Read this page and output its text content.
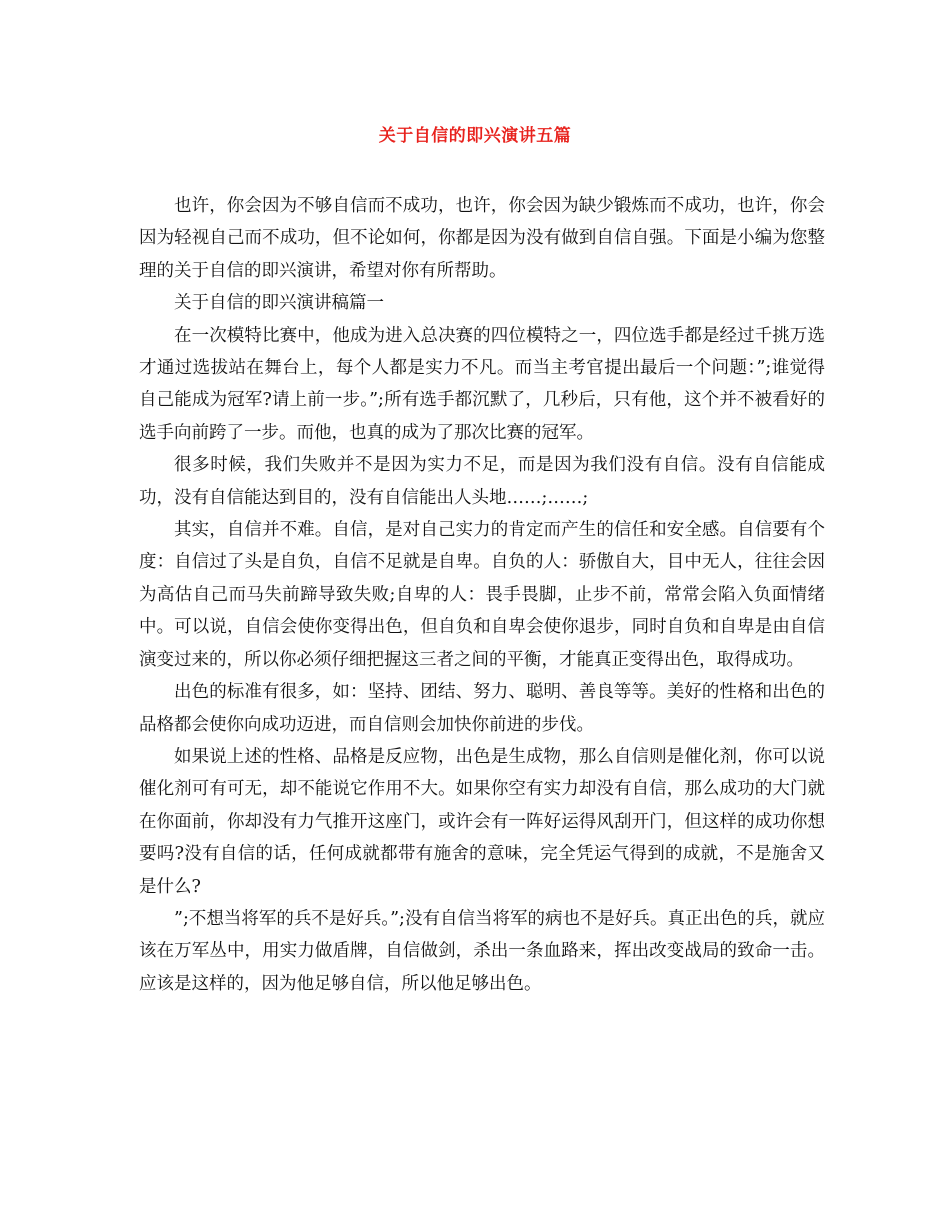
关于自信的即兴演讲五篇

也许，你会因为不够自信而不成功，也许，你会因为缺少锻炼而不成功，也许，你会因为轻视自己而不成功，但不论如何，你都是因为没有做到自信自强。下面是小编为您整理的关于自信的即兴演讲，希望对你有所帮助。

关于自信的即兴演讲稿篇一

在一次模特比赛中，他成为进入总决赛的四位模特之一，四位选手都是经过千挑万选才通过选拔站在舞台上，每个人都是实力不凡。而当主考官提出最后一个问题：”;谁觉得自己能成为冠军?请上前一步。”;所有选手都沉默了，几秒后，只有他，这个并不被看好的选手向前跨了一步。而他，也真的成为了那次比赛的冠军。

很多时候，我们失败并不是因为实力不足，而是因为我们没有自信。没有自信能成功，没有自信能达到目的，没有自信能出人头地……;……;

其实，自信并不难。自信，是对自己实力的肯定而产生的信任和安全感。自信要有个度：自信过了头是自负，自信不足就是自卑。自负的人：骄傲自大，目中无人，往往会因为高估自己而马失前蹄导致失败;自卑的人：畏手畏脚，止步不前，常常会陷入负面情绪中。可以说，自信会使你变得出色，但自负和自卑会使你退步，同时自负和自卑是由自信演变过来的，所以你必须仔细把握这三者之间的平衡，才能真正变得出色，取得成功。

出色的标准有很多，如：坚持、团结、努力、聪明、善良等等。美好的性格和出色的品格都会使你向成功迈进，而自信则会加快你前进的步伐。

如果说上述的性格、品格是反应物，出色是生成物，那么自信则是催化剂，你可以说催化剂可有可无，却不能说它作用不大。如果你空有实力却没有自信，那么成功的大门就在你面前，你却没有力气推开这座门，或许会有一阵好运得风刮开门，但这样的成功你想要吗?没有自信的话，任何成就都带有施舍的意味，完全凭运气得到的成就，不是施舍又是什么?

”;不想当将军的兵不是好兵。”;没有自信当将军的病也不是好兵。真正出色的兵，就应该在万军丛中，用实力做盾牌，自信做剑，杀出一条血路来，挥出改变战局的致命一击。应该是这样的，因为他足够自信，所以他足够出色。
